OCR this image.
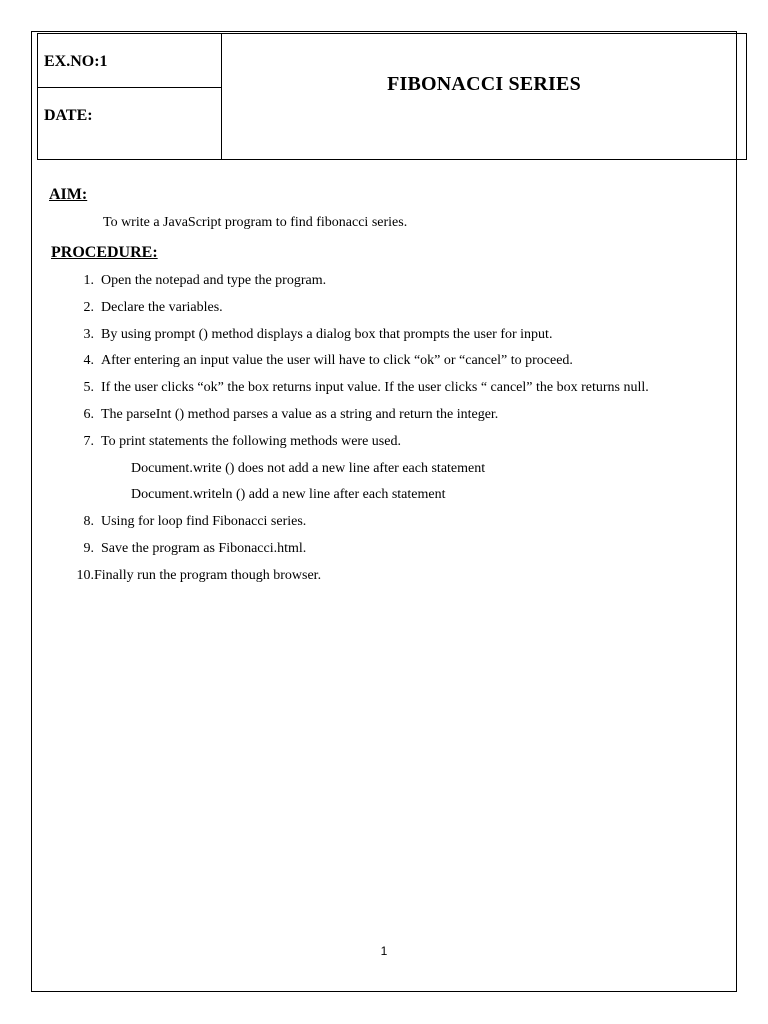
EX.NO:1
DATE:
FIBONACCI SERIES
AIM:
To write a JavaScript program to find fibonacci series.
PROCEDURE:
1. Open the notepad and type the program.
2. Declare the variables.
3. By using prompt () method displays a dialog box that prompts the user for input.
4. After entering an input value the user will have to click “ok” or “cancel” to proceed.
5. If the user clicks “ok” the box returns input value. If the user clicks “ cancel” the box returns null.
6. The parseInt () method parses a value as a string and return the integer.
7. To print statements the following methods were used.
Document.write () does not add a new line after each statement
Document.writeln () add a new line after each statement
8. Using for loop find Fibonacci series.
9. Save the program as Fibonacci.html.
10.Finally run the program though browser.
1
